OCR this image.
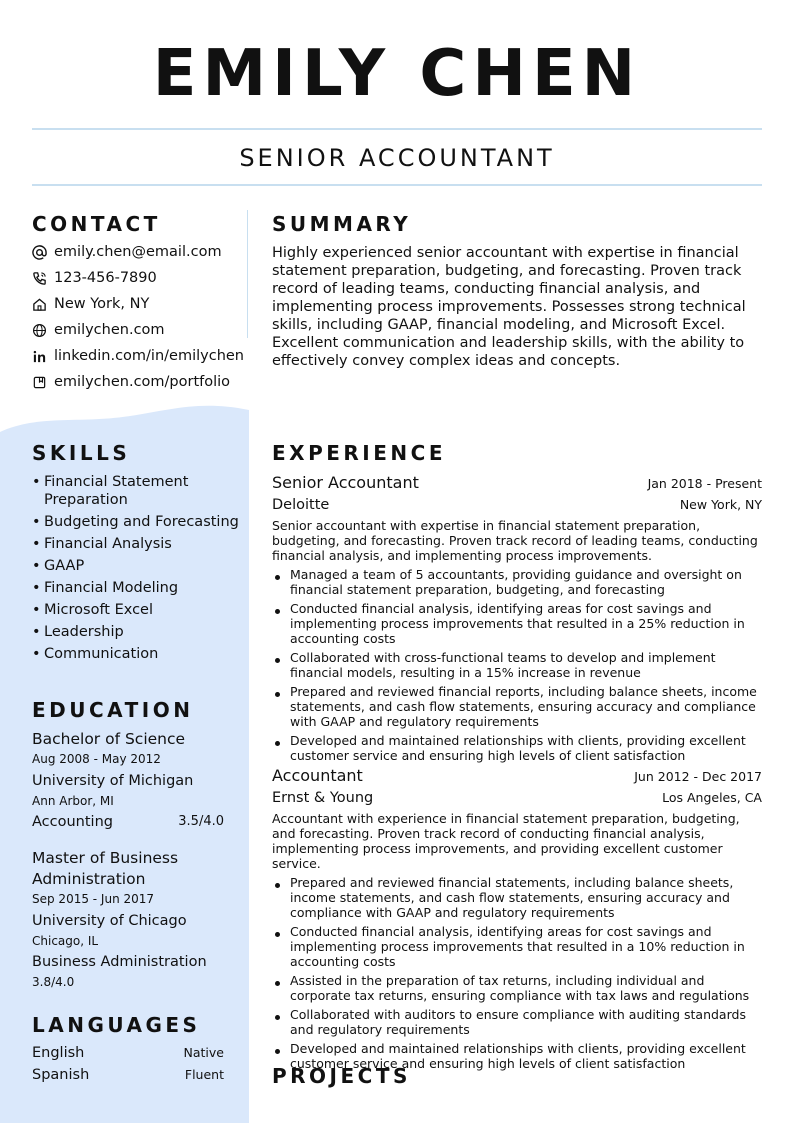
EMILY CHEN
SENIOR ACCOUNTANT
CONTACT
emily.chen@email.com
123-456-7890
New York, NY
emilychen.com
linkedin.com/in/emilychen
emilychen.com/portfolio
SUMMARY
Highly experienced senior accountant with expertise in financial statement preparation, budgeting, and forecasting. Proven track record of leading teams, conducting financial analysis, and implementing process improvements. Possesses strong technical skills, including GAAP, financial modeling, and Microsoft Excel. Excellent communication and leadership skills, with the ability to effectively convey complex ideas and concepts.
SKILLS
• Financial Statement Preparation
• Budgeting and Forecasting
• Financial Analysis
• GAAP
• Financial Modeling
• Microsoft Excel
• Leadership
• Communication
EDUCATION
Bachelor of Science
Aug 2008 - May 2012
University of Michigan
Ann Arbor, MI
Accounting	3.5/4.0
Master of Business Administration
Sep 2015 - Jun 2017
University of Chicago
Chicago, IL
Business Administration
3.8/4.0
LANGUAGES
English	Native
Spanish	Fluent
EXPERIENCE
Senior Accountant	Jan 2018 - Present
Deloitte	New York, NY
Senior accountant with expertise in financial statement preparation, budgeting, and forecasting. Proven track record of leading teams, conducting financial analysis, and implementing process improvements.
Managed a team of 5 accountants, providing guidance and oversight on financial statement preparation, budgeting, and forecasting
Conducted financial analysis, identifying areas for cost savings and implementing process improvements that resulted in a 25% reduction in accounting costs
Collaborated with cross-functional teams to develop and implement financial models, resulting in a 15% increase in revenue
Prepared and reviewed financial reports, including balance sheets, income statements, and cash flow statements, ensuring accuracy and compliance with GAAP and regulatory requirements
Developed and maintained relationships with clients, providing excellent customer service and ensuring high levels of client satisfaction
Accountant	Jun 2012 - Dec 2017
Ernst & Young	Los Angeles, CA
Accountant with experience in financial statement preparation, budgeting, and forecasting. Proven track record of conducting financial analysis, implementing process improvements, and providing excellent customer service.
Prepared and reviewed financial statements, including balance sheets, income statements, and cash flow statements, ensuring accuracy and compliance with GAAP and regulatory requirements
Conducted financial analysis, identifying areas for cost savings and implementing process improvements that resulted in a 10% reduction in accounting costs
Assisted in the preparation of tax returns, including individual and corporate tax returns, ensuring compliance with tax laws and regulations
Collaborated with auditors to ensure compliance with auditing standards and regulatory requirements
Developed and maintained relationships with clients, providing excellent customer service and ensuring high levels of client satisfaction
PROJECTS
